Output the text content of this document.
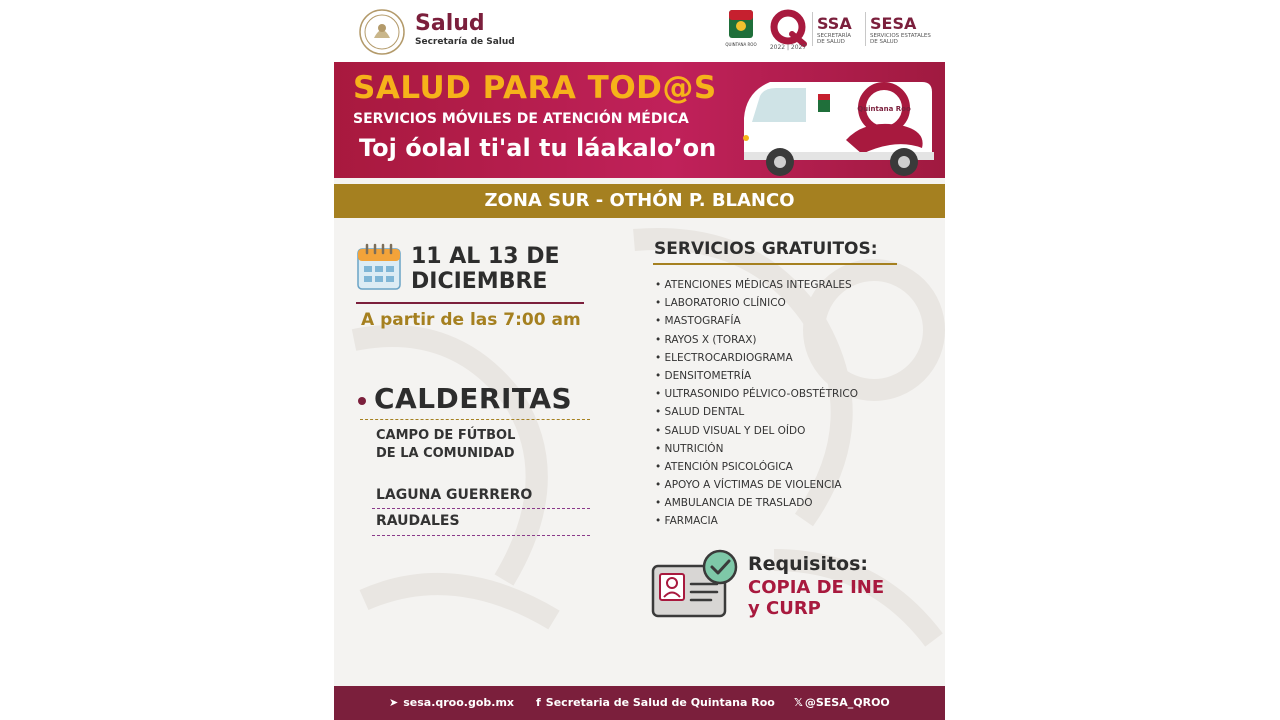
Salud
Secretaría de Salud	QUINTANA ROO	2022 | 2027
SSA
SECRETARÍA DE SALUD
SESA
SERVICIOS ESTATALES DE SALUD
SALUD PARA TOD@S
SERVICIOS MÓVILES DE ATENCIÓN MÉDICA
Toj óolal ti'al tu láakalo’on
Quintana Roo
ZONA SUR - OTHÓN P. BLANCO
11 AL 13 DE
DICIEMBRE
A partir de las 7:00 am
CALDERITAS
CAMPO DE FÚTBOL
DE LA COMUNIDAD
LAGUNA GUERRERO
RAUDALES
SERVICIOS GRATUITOS:
• ATENCIONES MÉDICAS INTEGRALES
• LABORATORIO CLÍNICO
• MASTOGRAFÍA
• RAYOS X (TORAX)
• ELECTROCARDIOGRAMA
• DENSITOMETRÍA
• ULTRASONIDO PÉLVICO-OBSTÉTRICO
• SALUD DENTAL
• SALUD VISUAL Y DEL OÍDO
• NUTRICIÓN
• ATENCIÓN PSICOLÓGICA
• APOYO A VÍCTIMAS DE VIOLENCIA
• AMBULANCIA DE TRASLADO
• FARMACIA
Requisitos:
COPIA DE INE
y CURP
➤ sesa.qroo.gob.mx f Secretaria de Salud de Quintana Roo 𝕏 @SESA_QROO
